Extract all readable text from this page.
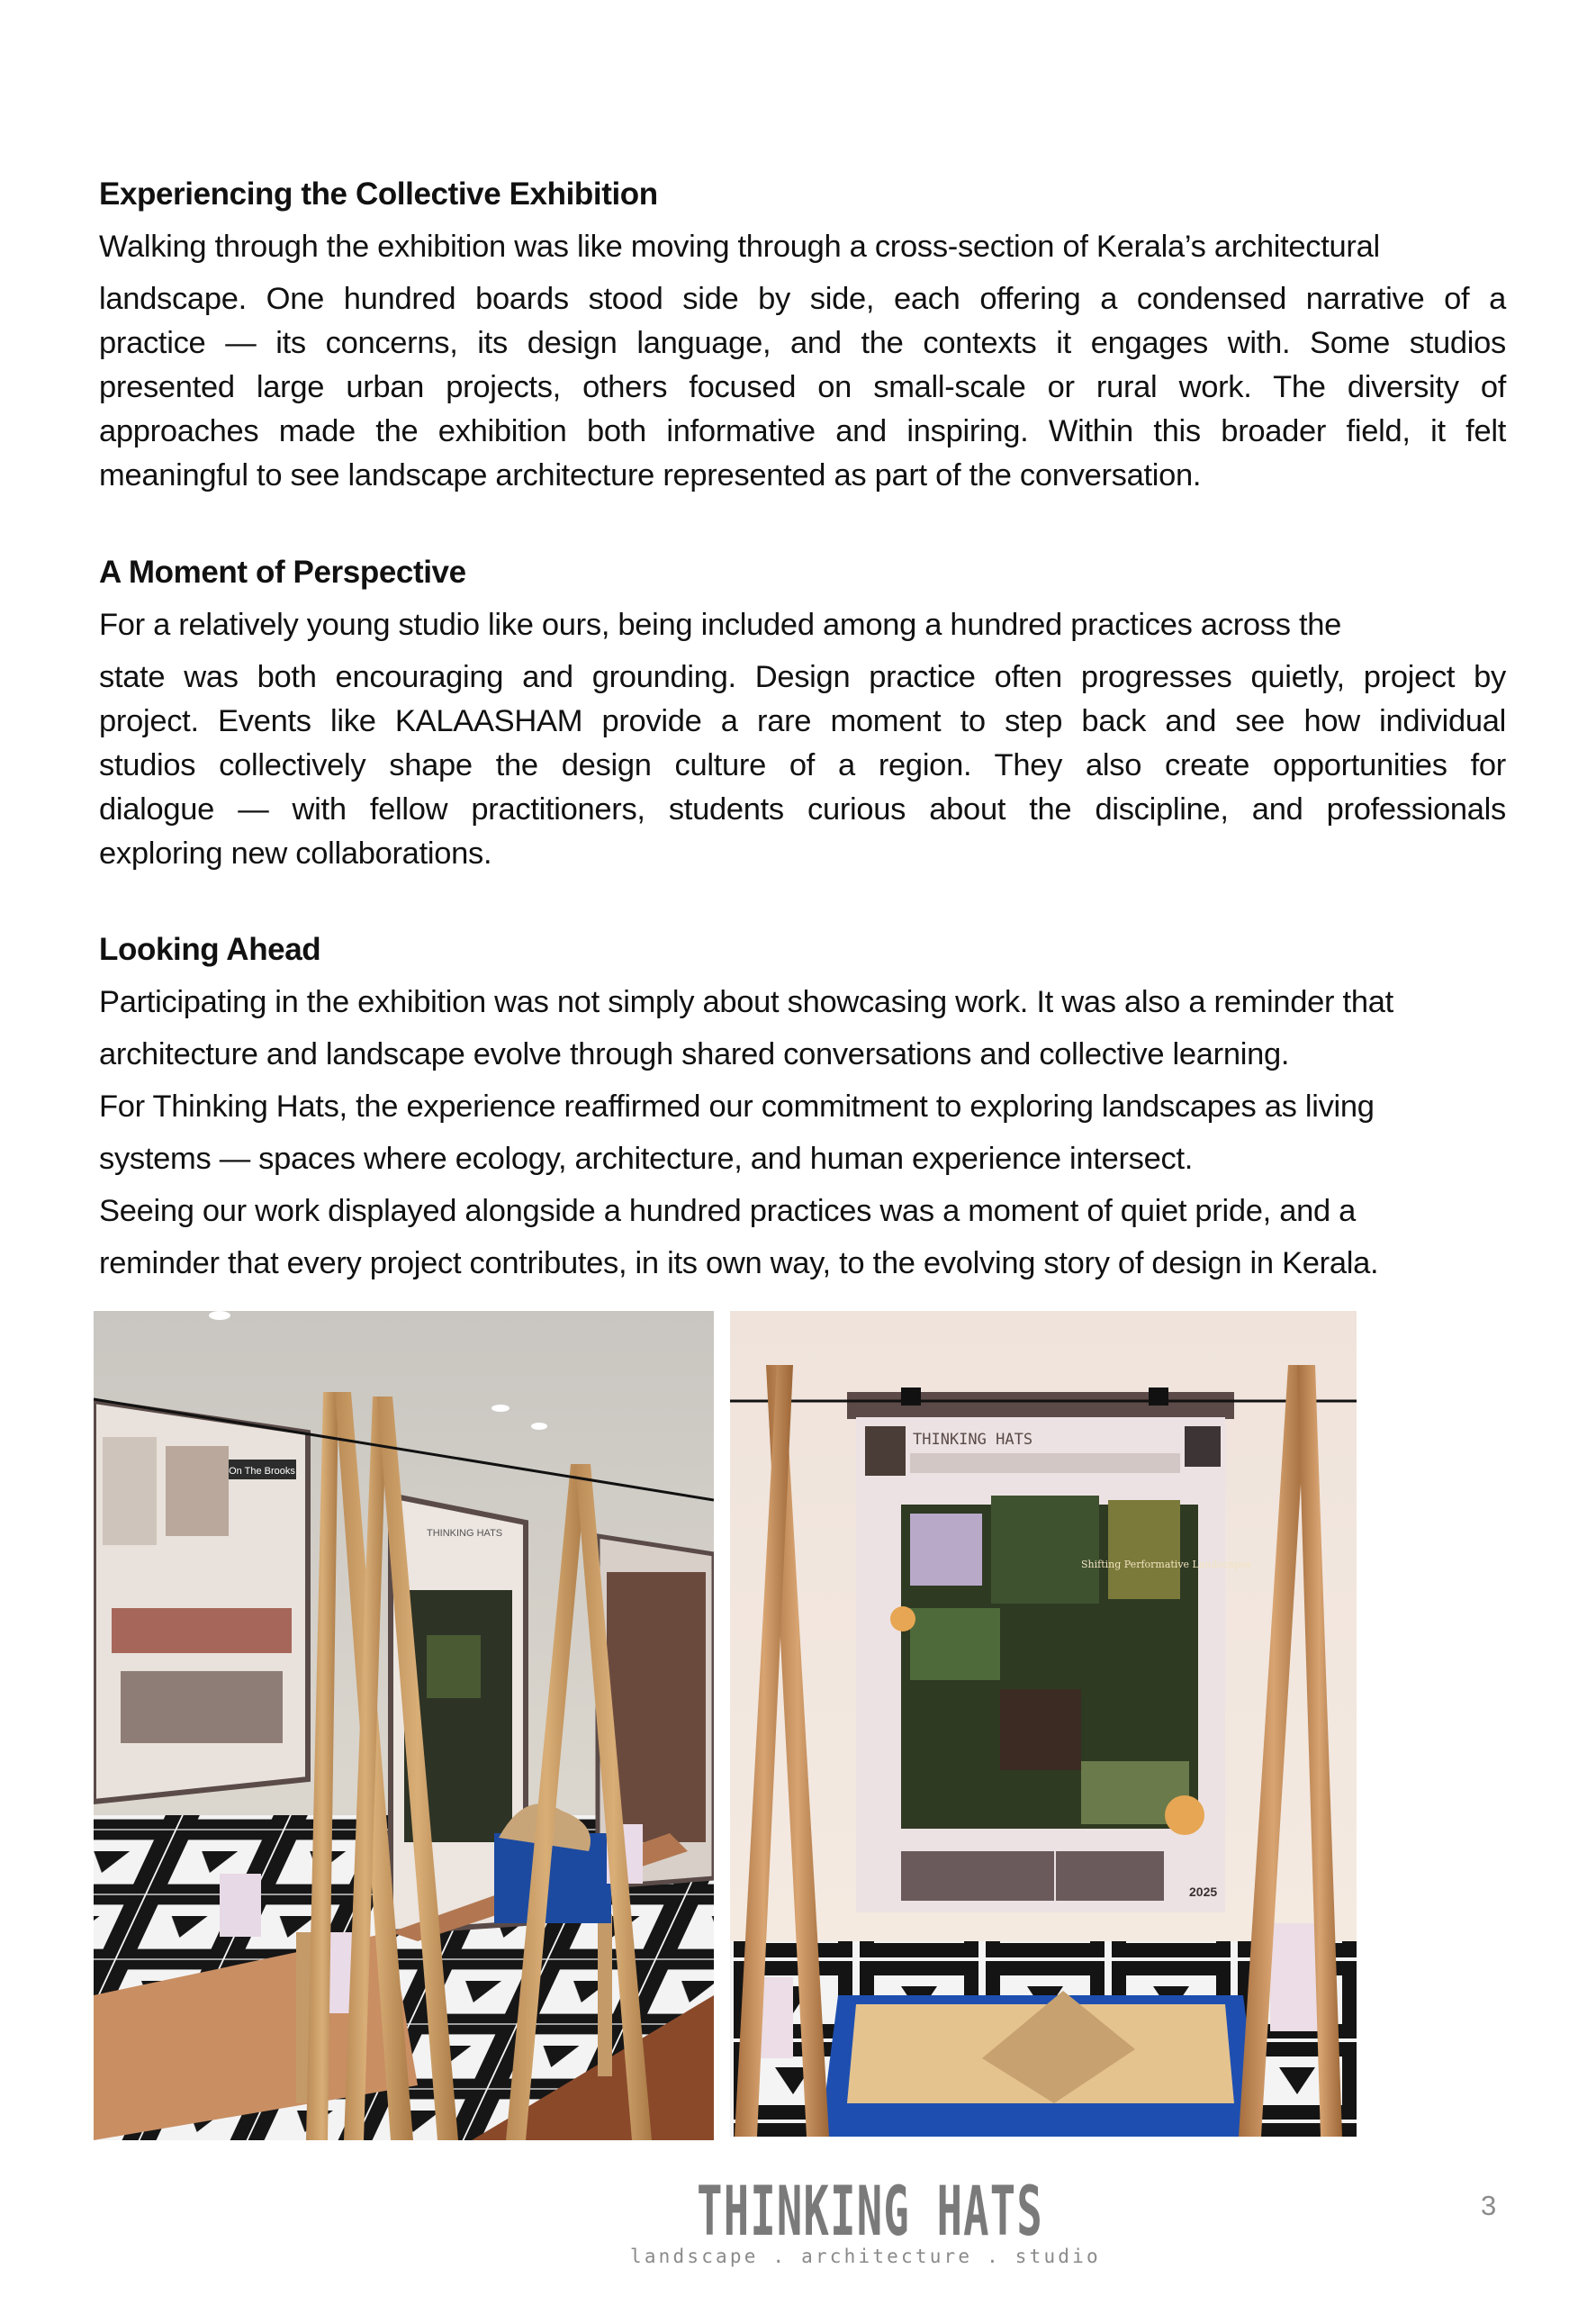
Experiencing the Collective Exhibition
Walking through the exhibition was like moving through a cross-section of Kerala’s architectural
landscape. One hundred boards stood side by side, each offering a condensed narrative of a
practice — its concerns, its design language, and the contexts it engages with. Some studios
presented large urban projects, others focused on small-scale or rural work. The diversity of
approaches made the exhibition both informative and inspiring. Within this broader field, it felt
meaningful to see landscape architecture represented as part of the conversation.
A Moment of Perspective
For a relatively young studio like ours, being included among a hundred practices across the
state was both encouraging and grounding. Design practice often progresses quietly, project by
project. Events like KALAASHAM provide a rare moment to step back and see how individual
studios collectively shape the design culture of a region. They also create opportunities for
dialogue — with fellow practitioners, students curious about the discipline, and professionals
exploring new collaborations.
Looking Ahead
Participating in the exhibition was not simply about showcasing work. It was also a reminder that
architecture and landscape evolve through shared conversations and collective learning.
For Thinking Hats, the experience reaffirmed our commitment to exploring landscapes as living
systems — spaces where ecology, architecture, and human experience intersect.
Seeing our work displayed alongside a hundred practices was a moment of quiet pride, and a
reminder that every project contributes, in its own way, to the evolving story of design in Kerala.
On The Brooks
THINKING HATS
THINKING HATS
Shifting Performative Landscapes
2025
THINKING HATS
landscape . architecture . studio
3
